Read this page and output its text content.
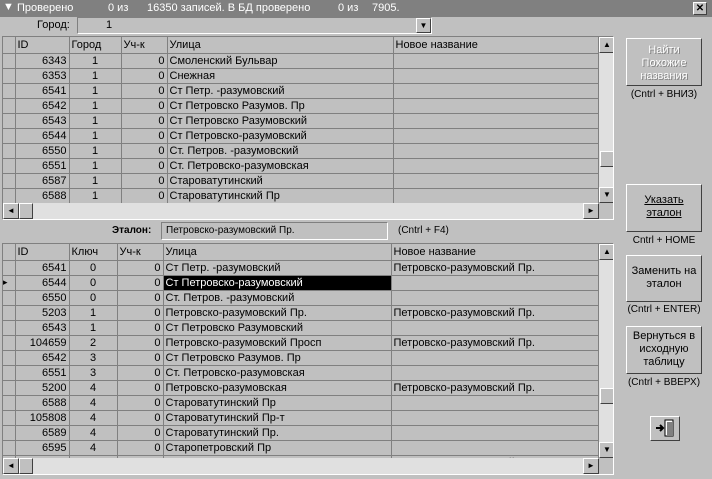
▼ Проверено	0 из 16350 записей. В БД проверено	0 из 7905.	✕
Город:	1	▼
	ID	Город	Уч-к	Улица	Новое название
	6343	1	0	Смоленский Бульвар	
	6353	1	0	Снежная	
	6541	1	0	Ст Петр. -разумовский	
	6542	1	0	Ст Петровско Разумов. Пр	
	6543	1	0	Ст Петровско Разумовский	
	6544	1	0	Ст Петровско-разумовский	
	6550	1	0	Ст. Петров. -разумовский	
	6551	1	0	Ст. Петровско-разумовская	
	6587	1	0	Староватутинский	
	6588	1	0	Староватутинский Пр	
▲
▼
◄	►
Эталон:	Петровско-разумовский Пр.	(Cntrl + F4)
	ID	Ключ	Уч-к	Улица	Новое название
	6541	0	0	Ст Петр. -разумовский	Петровско-разумовский Пр.
▸	6544	0	0	Ст Петровско-разумовский	
	6550	0	0	Ст. Петров. -разумовский	
	5203	1	0	Петровско-разумовский Пр.	Петровско-разумовский Пр.
	6543	1	0	Ст Петровско Разумовский	
	104659	2	0	Петровско-разумовский Просп	Петровско-разумовский Пр.
	6542	3	0	Ст Петровско Разумов. Пр	
	6551	3	0	Ст. Петровско-разумовская	
	5200	4	0	Петровско-разумовская	Петровско-разумовский Пр.
	6588	4	0	Староватутинский Пр	
	105808	4	0	Староватутинский Пр-т	
	6589	4	0	Староватутинский Пр.	
	6595	4	0	Старопетровский Пр	

▲
▼
◄	►
Найти Похожие названия
(Cntrl + ВНИЗ)
Указать эталон
Cntrl + HOME
Заменить на эталон
(Cntrl + ENTER)
Вернуться в исходную таблицу
(Cntrl + ВВЕРХ)
